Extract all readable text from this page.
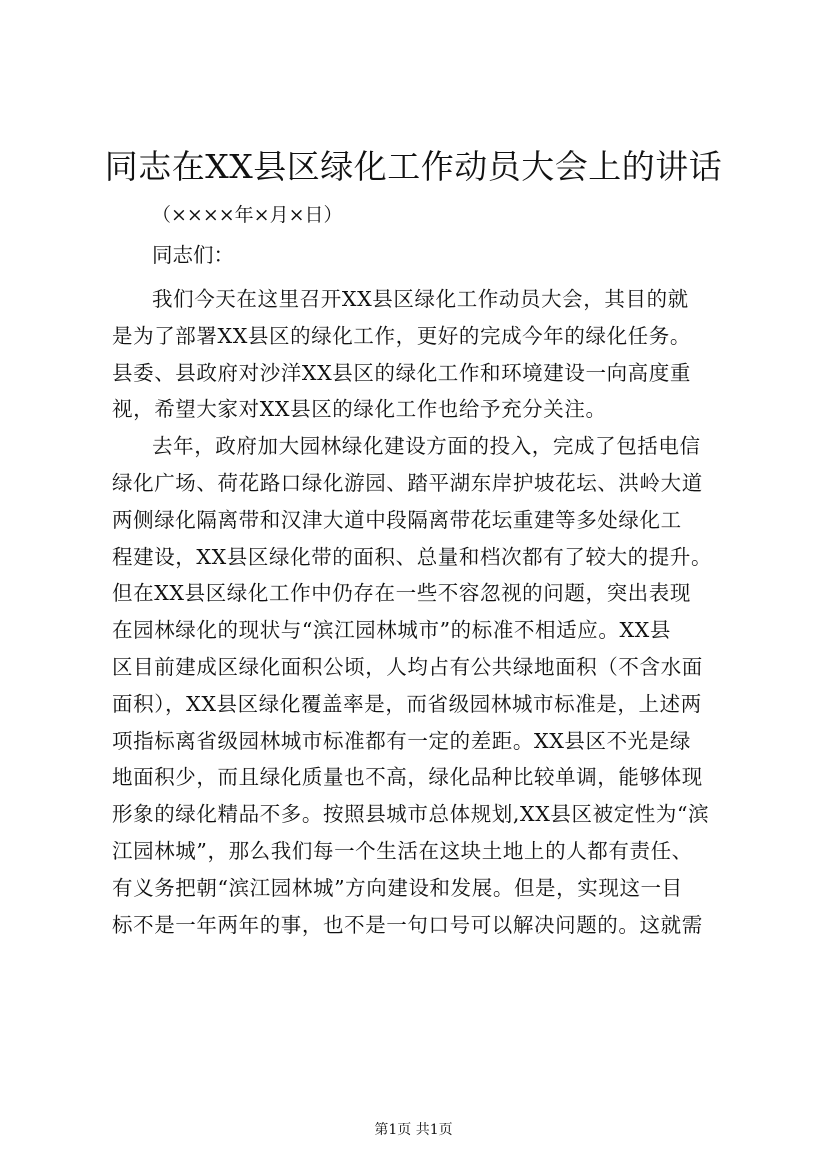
同志在XX县区绿化工作动员大会上的讲话

（××××年×月×日）

同志们：

我们今天在这里召开XX县区绿化工作动员大会，其目的就
是为了部署XX县区的绿化工作，更好的完成今年的绿化任务。
县委、县政府对沙洋XX县区的绿化工作和环境建设一向高度重
视，希望大家对XX县区的绿化工作也给予充分关注。
去年，政府加大园林绿化建设方面的投入，完成了包括电信
绿化广场、荷花路口绿化游园、踏平湖东岸护坡花坛、洪岭大道
两侧绿化隔离带和汉津大道中段隔离带花坛重建等多处绿化工
程建设，XX县区绿化带的面积、总量和档次都有了较大的提升。
但在XX县区绿化工作中仍存在一些不容忽视的问题，突出表现
在园林绿化的现状与“滨江园林城市”的标准不相适应。XX县
区目前建成区绿化面积公顷，人均占有公共绿地面积（不含水面
面积），XX县区绿化覆盖率是，而省级园林城市标准是，上述两
项指标离省级园林城市标准都有一定的差距。XX县区不光是绿
地面积少，而且绿化质量也不高，绿化品种比较单调，能够体现
形象的绿化精品不多。按照县城市总体规划,XX县区被定性为“滨
江园林城”，那么我们每一个生活在这块土地上的人都有责任、
有义务把朝“滨江园林城”方向建设和发展。但是，实现这一目
标不是一年两年的事，也不是一句口号可以解决问题的。这就需

第1页 共1页
